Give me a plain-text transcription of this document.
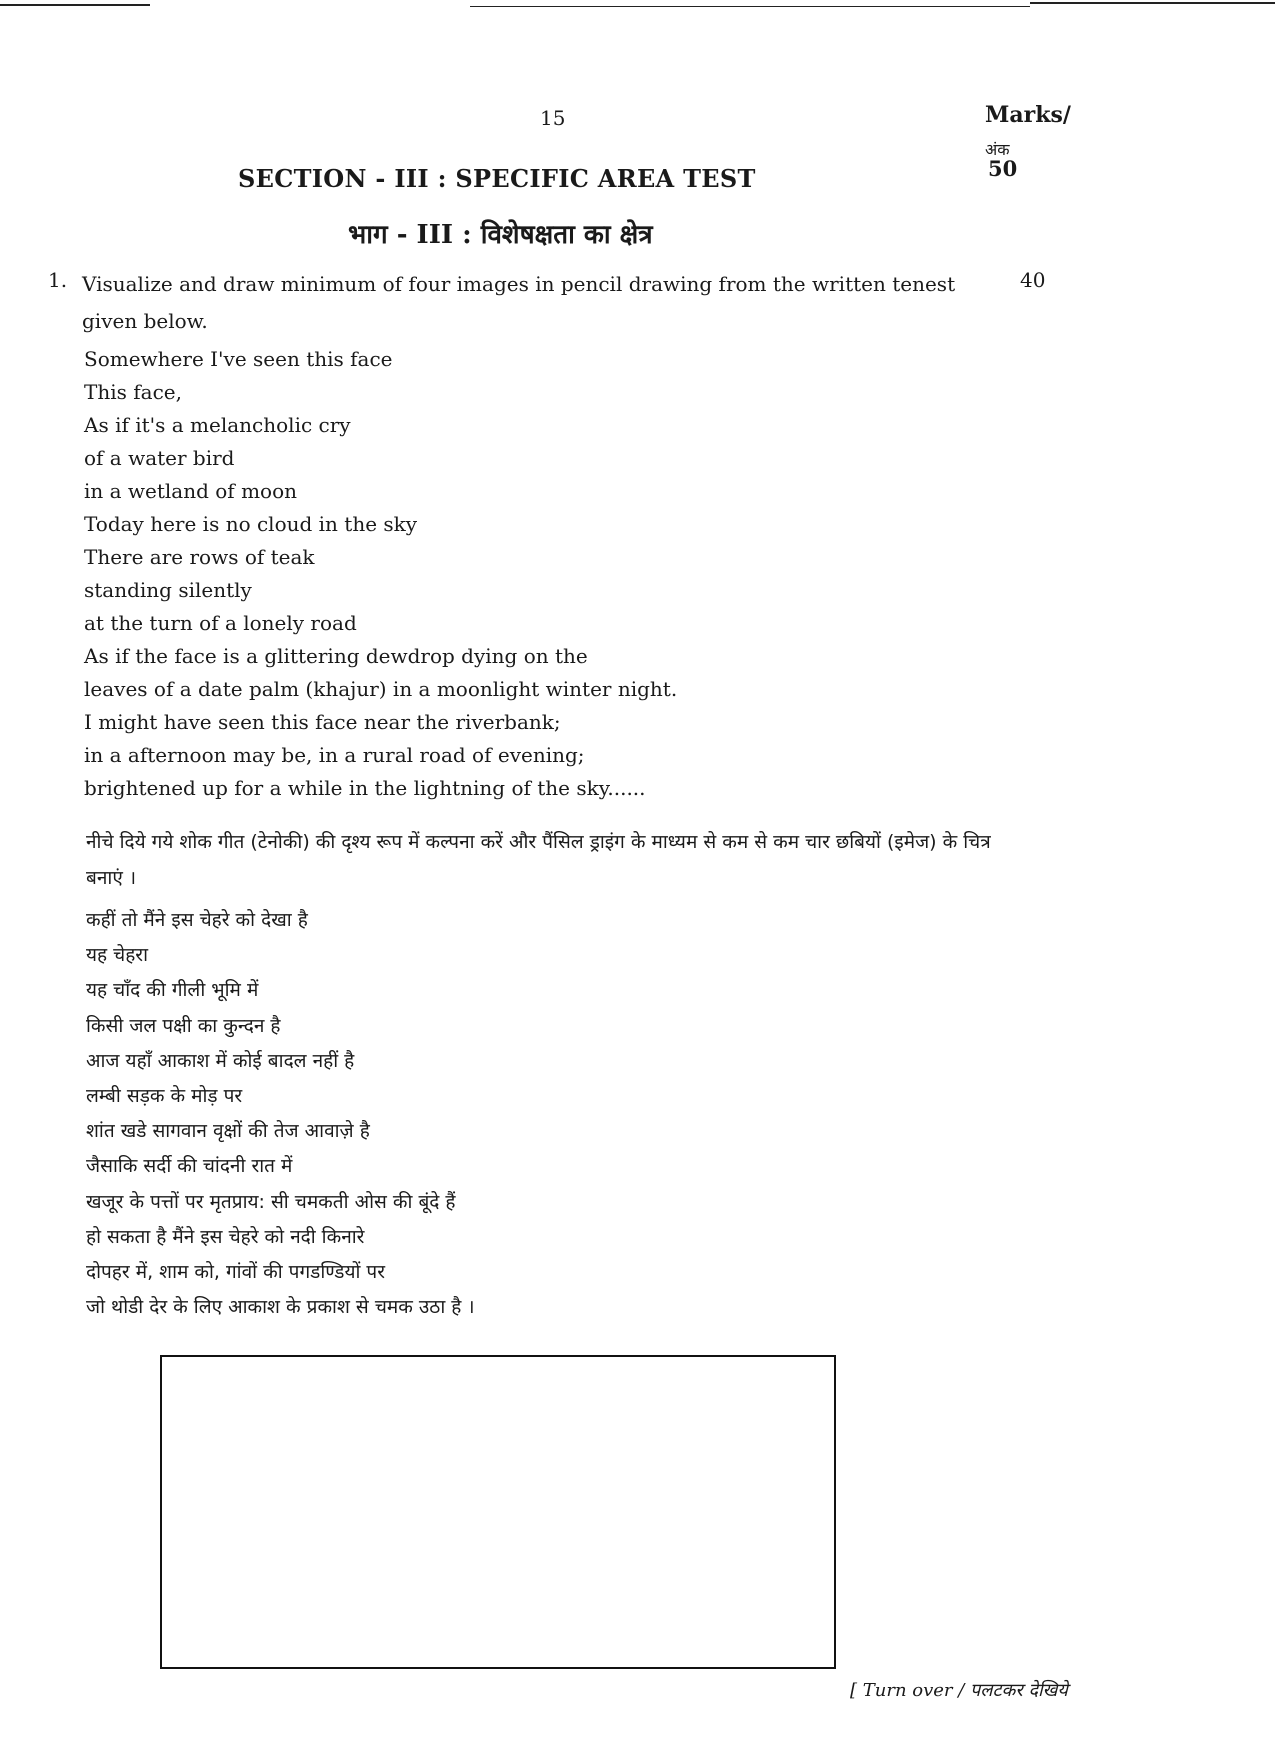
15	Marks/
अंक
50
SECTION - III : SPECIFIC AREA TEST
भाग - III : विशेषक्षता का क्षेत्र
1.	40
Visualize and draw minimum of four images in pencil drawing from the written tenest given below.
Somewhere I've seen this face
This face,
As if it's a melancholic cry
of a water bird
in a wetland of moon
Today here is no cloud in the sky
There are rows of teak
standing silently
at the turn of a lonely road
As if the face is a glittering dewdrop dying on the
leaves of a date palm (khajur) in a moonlight winter night.
I might have seen this face near the riverbank;
in a afternoon may be, in a rural road of evening;
brightened up for a while in the lightning of the sky......
नीचे दिये गये शोक गीत (टेनोकी) की दृश्य रूप में कल्पना करें और पैंसिल ड्राइंग के माध्यम से कम से कम चार छबियों (इमेज) के चित्र बनाएं ।
कहीं तो मैंने इस चेहरे को देखा है
यह चेहरा
यह चाँद की गीली भूमि में
किसी जल पक्षी का कुन्दन है
आज यहाँ आकाश में कोई बादल नहीं है
लम्बी सड़क के मोड़ पर
शांत खडे सागवान वृक्षों की तेज आवाज़े है
जैसाकि सर्दी की चांदनी रात में
खजूर के पत्तों पर मृतप्राय: सी चमकती ओस की बूंदे हैं
हो सकता है मैंने इस चेहरे को नदी किनारे
दोपहर में, शाम को, गांवों की पगडण्डियों पर
जो थोडी देर के लिए आकाश के प्रकाश से चमक उठा है ।
[ Turn over / पलटकर देखिये
